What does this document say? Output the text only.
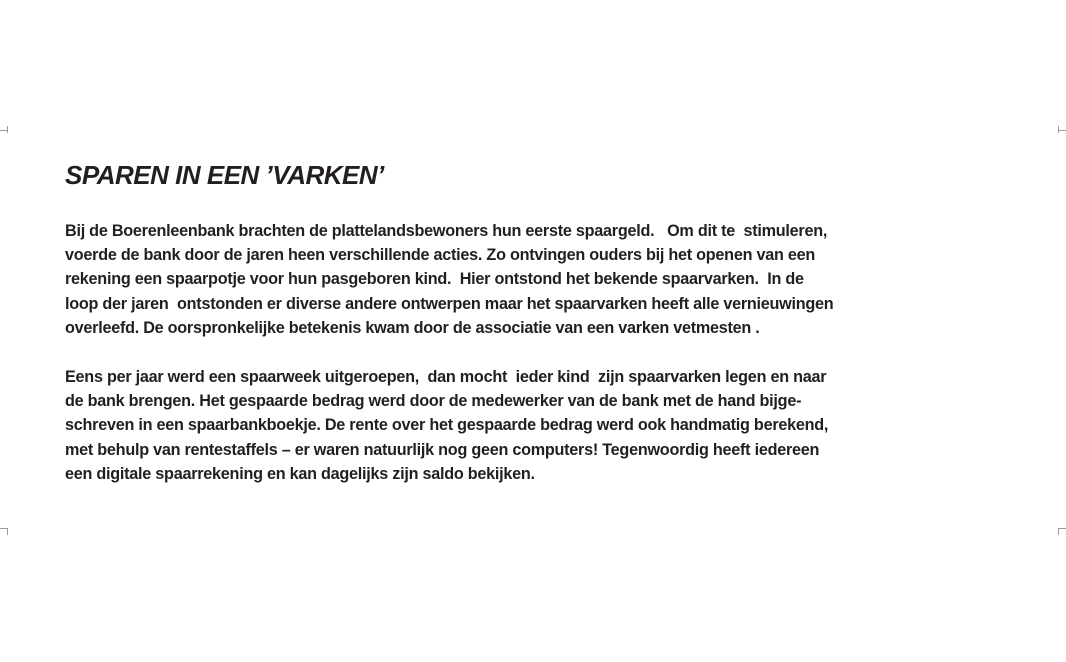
SPAREN IN EEN ’VARKEN’

Bij de Boerenleenbank brachten de plattelandsbewoners hun eerste spaargeld.   Om dit te  stimuleren,
voerde de bank door de jaren heen verschillende acties. Zo ontvingen ouders bij het openen van een
rekening een spaarpotje voor hun pasgeboren kind.  Hier ontstond het bekende spaarvarken.  In de
loop der jaren  ontstonden er diverse andere ontwerpen maar het spaarvarken heeft alle vernieuwingen
overleefd. De oorspronkelijke betekenis kwam door de associatie van een varken vetmesten .

Eens per jaar werd een spaarweek uitgeroepen,  dan mocht  ieder kind  zijn spaarvarken legen en naar
de bank brengen. Het gespaarde bedrag werd door de medewerker van de bank met de hand bijge-
schreven in een spaarbankboekje. De rente over het gespaarde bedrag werd ook handmatig berekend,
met behulp van rentestaffels – er waren natuurlijk nog geen computers! Tegenwoordig heeft iedereen
een digitale spaarrekening en kan dagelijks zijn saldo bekijken.
